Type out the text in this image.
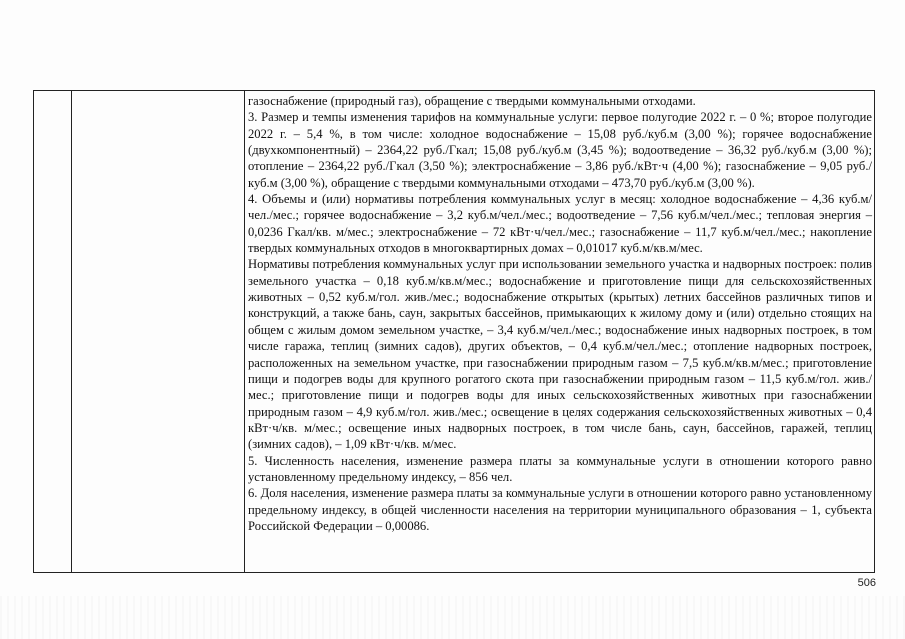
газоснабжение (природный газ), обращение с твердыми коммунальными отходами.

3. Размер и темпы изменения тарифов на коммунальные услуги: первое полугодие 2022 г. – 0 %; второе полугодие 2022 г. – 5,4 %, в том числе: холодное водоснабжение – 15,08 руб./куб.м (3,00 %); горячее водоснабжение (двухкомпонентный) – 2364,22 руб./Гкал; 15,08 руб./куб.м (3,45 %); водоотведение – 36,32 руб./куб.м (3,00 %); отопление – 2364,22 руб./Гкал (3,50 %); электроснабжение – 3,86 руб./кВт·ч (4,00 %); газоснабжение – 9,05 руб./куб.м (3,00 %), обращение с твердыми коммунальными отходами – 473,70 руб./куб.м (3,00 %).

4. Объемы и (или) нормативы потребления коммунальных услуг в месяц: холодное водоснабжение – 4,36 куб.м/чел./мес.; горячее водоснабжение – 3,2 куб.м/чел./мес.; водоотведение – 7,56 куб.м/чел./мес.; тепловая энергия – 0,0236 Гкал/кв. м/мес.; электроснабжение – 72 кВт·ч/чел./мес.; газоснабжение – 11,7 куб.м/чел./мес.; накопление твердых коммунальных отходов в многоквартирных домах – 0,01017 куб.м/кв.м/мес.

Нормативы потребления коммунальных услуг при использовании земельного участка и надворных построек: полив земельного участка – 0,18 куб.м/кв.м/мес.; водоснабжение и приготовление пищи для сельскохозяйственных животных – 0,52 куб.м/гол. жив./мес.; водоснабжение открытых (крытых) летних бассейнов различных типов и конструкций, а также бань, саун, закрытых бассейнов, примыкающих к жилому дому и (или) отдельно стоящих на общем с жилым домом земельном участке, – 3,4 куб.м/чел./мес.; водоснабжение иных надворных построек, в том числе гаража, теплиц (зимних садов), других объектов, – 0,4 куб.м/чел./мес.; отопление надворных построек, расположенных на земельном участке, при газоснабжении природным газом – 7,5 куб.м/кв.м/мес.; приготовление пищи и подогрев воды для крупного рогатого скота при газоснабжении природным газом – 11,5 куб.м/гол. жив./мес.; приготовление пищи и подогрев воды для иных сельскохозяйственных животных при газоснабжении природным газом – 4,9 куб.м/гол. жив./мес.; освещение в целях содержания сельскохозяйственных животных – 0,4 кВт·ч/кв. м/мес.; освещение иных надворных построек, в том числе бань, саун, бассейнов, гаражей, теплиц (зимних садов), – 1,09 кВт·ч/кв. м/мес.

5. Численность населения, изменение размера платы за коммунальные услуги в отношении которого равно установленному предельному индексу, – 856 чел.

6. Доля населения, изменение размера платы за коммунальные услуги в отношении которого равно установленному предельному индексу, в общей численности населения на территории муниципального образования – 1, субъекта Российской Федерации – 0,00086.

506
